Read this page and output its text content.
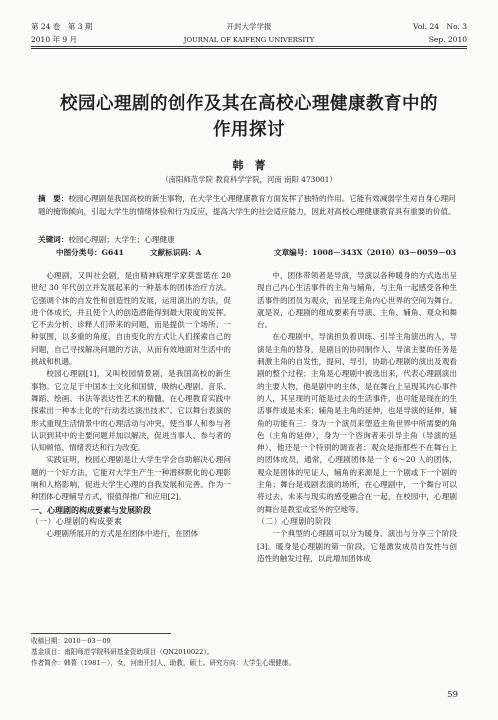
第 24 卷　第 3 期
2010 年 9 月
开封大学学报
JOURNAL OF KAIFENG UNIVERSITY
Vol. 24　No. 3
Sep. 2010
校园心理剧的创作及其在高校心理健康教育中的
作用探讨
韩　菁
（南阳师范学院 教育科学学院，河南 南阳 473001）
摘　要：校园心理剧是我国高校的新生事物，在大学生心理健康教育方面发挥了独特的作用。它能有效减弱学生对自身心理问题的掩饰倾向，引起大学生的情绪体验和行为反应，提高大学生的社会适应能力，因此对高校心理健康教育具有重要的价值。
关键词：校园心理剧；大学生；心理健康
中图分类号：G641	文献标识码：A	文章编号：1008－343X（2010）03－0059－03

心理剧，又叫社会剧，是由精神病理学家莫雷诺在 20 世纪 30 年代创立并发展起来的一种基本的团体治疗方法。它强调个体的自发性和创造性的发展，运用演出的方法，促进个体成长，并且使个人的创造潜能得到最大限度的发挥。它不去分析、诊释人们带来的问题，而是提供一个场所、一种氛围，以多重的角度，自由变化的方式让人们探索自己的问题，自己寻找解决问题的方法，从而有效地面对生活中的挑战和机遇。

校园心理剧[1]，又叫校园情景剧，是我国高校的新生事物。它立足于中国本土文化和国情，吸纳心理剧、音乐、舞蹈、绘画、书法等表达性艺术的精髓，在心理教育实践中探索出一种本土化的“行动表达演出技术”。它以舞台表演的形式重现生活情景中的心理活动与冲突，使当事人和参与者认识到其中的主要问题并加以解决，促进当事人、参与者的认知顿悟、情绪表达和行为改变。

实践证明，校园心理剧是让大学生学会自助解决心理问题的一个好方法，它能对大学生产生一种潜移默化的心理影响和人格影响，促进大学生心理的自我发展和完善。作为一种团体心理辅导方式，很值得推广和应用[2]。

一、心理剧的构成要素与发展阶段

（一）心理剧的构成要素

心理剧所展开的方式是在团体中进行，在团体

中，团体带领者是导演，导演以各种暖身的方式选出呈现自己内心生活事件的主角与辅角，与主角一起感受各种生活事件的团员为观众，而呈现主角内心世界的空间为舞台。就是说，心理剧的组成要素有导演、主角、辅角、观众和舞台。

在心理剧中，导演担负着训练、引导主角演出的人，导演是主角的替身，是剧目的协同制作人、导演主要的任务是刺激主角的自发性，提问、导引，协助心理剧的演出及观看剧的整个过程；主角是心理剧中被选出来，代表心理剧演出的主要人物，他是剧中的主体，是在舞台上呈现其内心事件的人，其呈现的可能是过去的生活事件，也可能是现在的生活事件或是未来；辅角是主角的延伸，也是导演的延伸，辅角的功能有三：身为一个演员来塑造主角世界中所需要的角色（主角的延伸），身为一个咨询者来引导主角（导演的延伸），他还是一个特别的调查者；观众是指那些不在舞台上的团体成员，通常，心理剧团体是一个 6～20 人的团体，观众是团体的见证人，辅角的来源是上一个剧或下一个剧的主角；舞台是戏剧表演的场所，在心理剧中，一个舞台可以将过去、未来与现实的感受融合在一起，在校园中，心理剧的舞台是教室或室外的空地等。

（二）心理剧的阶段

一个典型的心理剧可以分为暖身、演出与分享三个阶段[3]。暖身是心理剧的第一阶段，它是激发成员自发性与创造性的触发过程，以此增加团体成

收稿日期：2010－03－09
基金项目：南阳师范学院科研基金资助项目（QN2010022）。
作者简介：韩菁（1981－），女，河南开封人，助教，硕士。研究方向：大学生心理健康。
59
